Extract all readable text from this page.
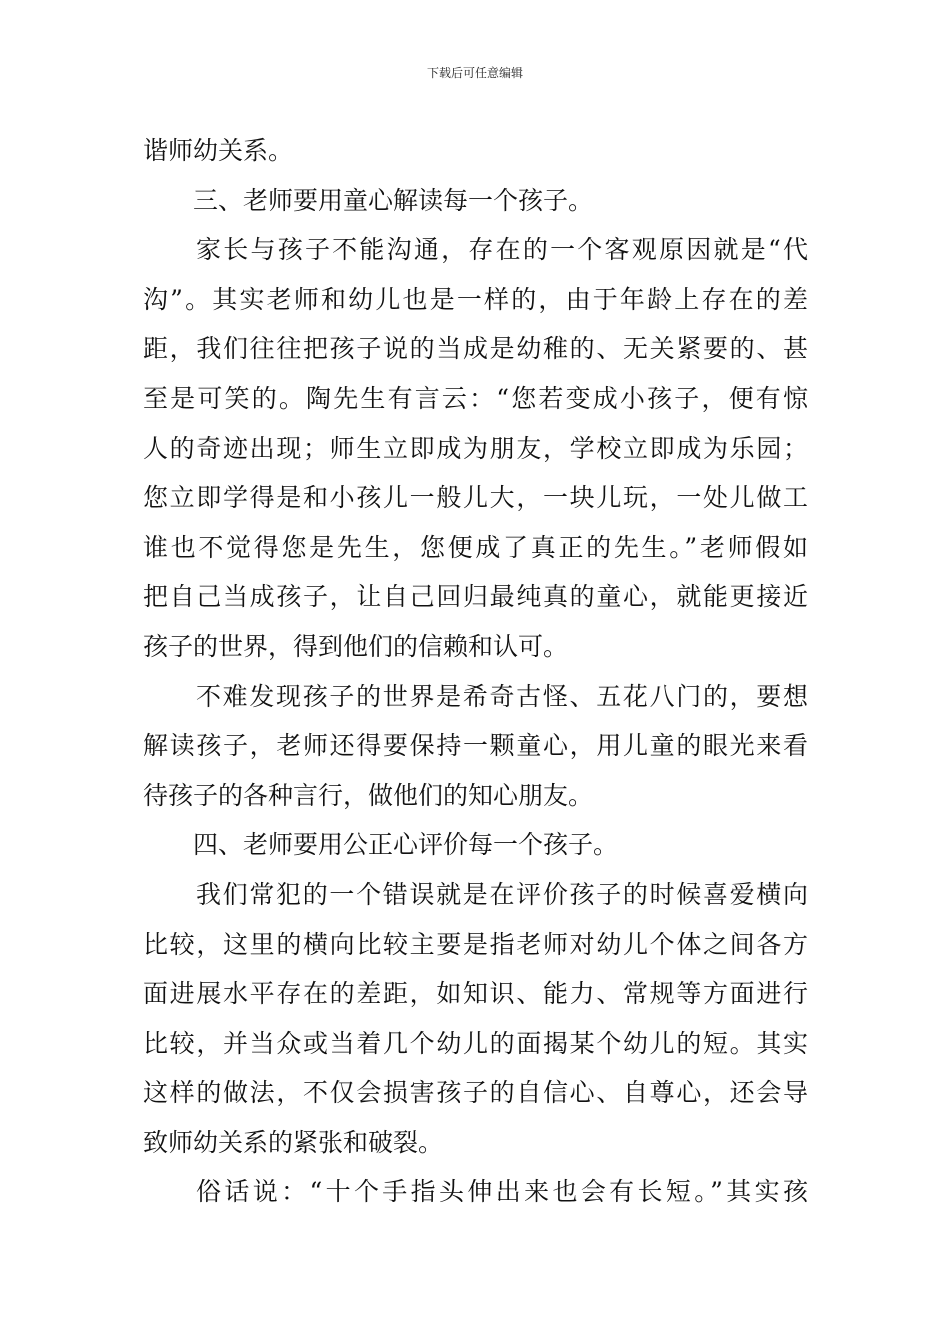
下载后可任意编辑
谐师幼关系。
三、老师要用童心解读每一个孩子。
家长与孩子不能沟通，存在的一个客观原因就是“代
沟”。其实老师和幼儿也是一样的，由于年龄上存在的差
距，我们往往把孩子说的当成是幼稚的、无关紧要的、甚
至是可笑的。陶先生有言云：“您若变成小孩子，便有惊
人的奇迹出现；师生立即成为朋友，学校立即成为乐园；
您立即学得是和小孩儿一般儿大，一块儿玩，一处儿做工
谁也不觉得您是先生，您便成了真正的先生。”老师假如
把自己当成孩子，让自己回归最纯真的童心，就能更接近
孩子的世界，得到他们的信赖和认可。
不难发现孩子的世界是希奇古怪、五花八门的，要想
解读孩子，老师还得要保持一颗童心，用儿童的眼光来看
待孩子的各种言行，做他们的知心朋友。
四、老师要用公正心评价每一个孩子。
我们常犯的一个错误就是在评价孩子的时候喜爱横向
比较，这里的横向比较主要是指老师对幼儿个体之间各方
面进展水平存在的差距，如知识、能力、常规等方面进行
比较，并当众或当着几个幼儿的面揭某个幼儿的短。其实
这样的做法，不仅会损害孩子的自信心、自尊心，还会导
致师幼关系的紧张和破裂。
俗话说：“十个手指头伸出来也会有长短。”其实孩
